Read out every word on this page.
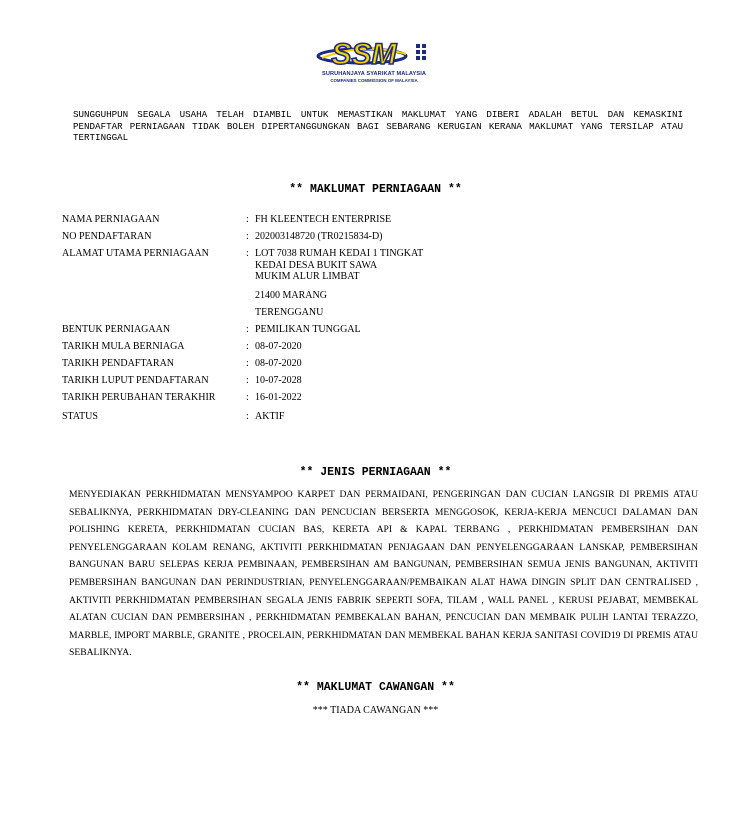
SSM
SURUHANJAYA SYARIKAT MALAYSIA
COMPANIES COMMISSION OF MALAYSIA
SUNGGUHPUN SEGALA USAHA TELAH DIAMBIL UNTUK MEMASTIKAN MAKLUMAT YANG DIBERI ADALAH BETUL DAN KEMASKINI PENDAFTAR PERNIAGAAN TIDAK BOLEH DIPERTANGGUNGKAN BAGI SEBARANG KERUGIAN KERANA MAKLUMAT YANG TERSILAP ATAU TERTINGGAL
** MAKLUMAT PERNIAGAAN **
NAMA PERNIAGAAN	: FH KLEENTECH ENTERPRISE
NO PENDAFTARAN	: 202003148720 (TR0215834-D)
ALAMAT UTAMA PERNIAGAAN	: LOT 7038 RUMAH KEDAI 1 TINGKAT
KEDAI DESA BUKIT SAWA
MUKIM ALUR LIMBAT
21400 MARANG
TERENGGANU
BENTUK PERNIAGAAN	: PEMILIKAN TUNGGAL
TARIKH MULA BERNIAGA	: 08-07-2020
TARIKH PENDAFTARAN	: 08-07-2020
TARIKH LUPUT PENDAFTARAN	: 10-07-2028
TARIKH PERUBAHAN TERAKHIR	: 16-01-2022
STATUS	: AKTIF
** JENIS PERNIAGAAN **
MENYEDIAKAN PERKHIDMATAN MENSYAMPOO KARPET DAN PERMAIDANI, PENGERINGAN DAN CUCIAN LANGSIR DI PREMIS ATAU SEBALIKNYA, PERKHIDMATAN DRY-CLEANING DAN PENCUCIAN BERSERTA MENGGOSOK, KERJA-KERJA MENCUCI DALAMAN DAN POLISHING KERETA, PERKHIDMATAN CUCIAN BAS, KERETA API & KAPAL TERBANG , PERKHIDMATAN PEMBERSIHAN DAN PENYELENGGARAAN KOLAM RENANG, AKTIVITI PERKHIDMATAN PENJAGAAN DAN PENYELENGGARAAN LANSKAP, PEMBERSIHAN BANGUNAN BARU SELEPAS KERJA PEMBINAAN, PEMBERSIHAN AM BANGUNAN, PEMBERSIHAN SEMUA JENIS BANGUNAN, AKTIVITI PEMBERSIHAN BANGUNAN DAN PERINDUSTRIAN, PENYELENGGARAAN/PEMBAIKAN ALAT HAWA DINGIN SPLIT DAN CENTRALISED , AKTIVITI PERKHIDMATAN PEMBERSIHAN SEGALA JENIS FABRIK SEPERTI SOFA, TILAM , WALL PANEL , KERUSI PEJABAT, MEMBEKAL ALATAN CUCIAN DAN PEMBERSIHAN , PERKHIDMATAN PEMBEKALAN BAHAN, PENCUCIAN DAN MEMBAIK PULIH LANTAI TERAZZO, MARBLE, IMPORT MARBLE, GRANITE , PROCELAIN, PERKHIDMATAN DAN MEMBEKAL BAHAN KERJA SANITASI COVID19 DI PREMIS ATAU SEBALIKNYA.
** MAKLUMAT CAWANGAN **
*** TIADA CAWANGAN ***
